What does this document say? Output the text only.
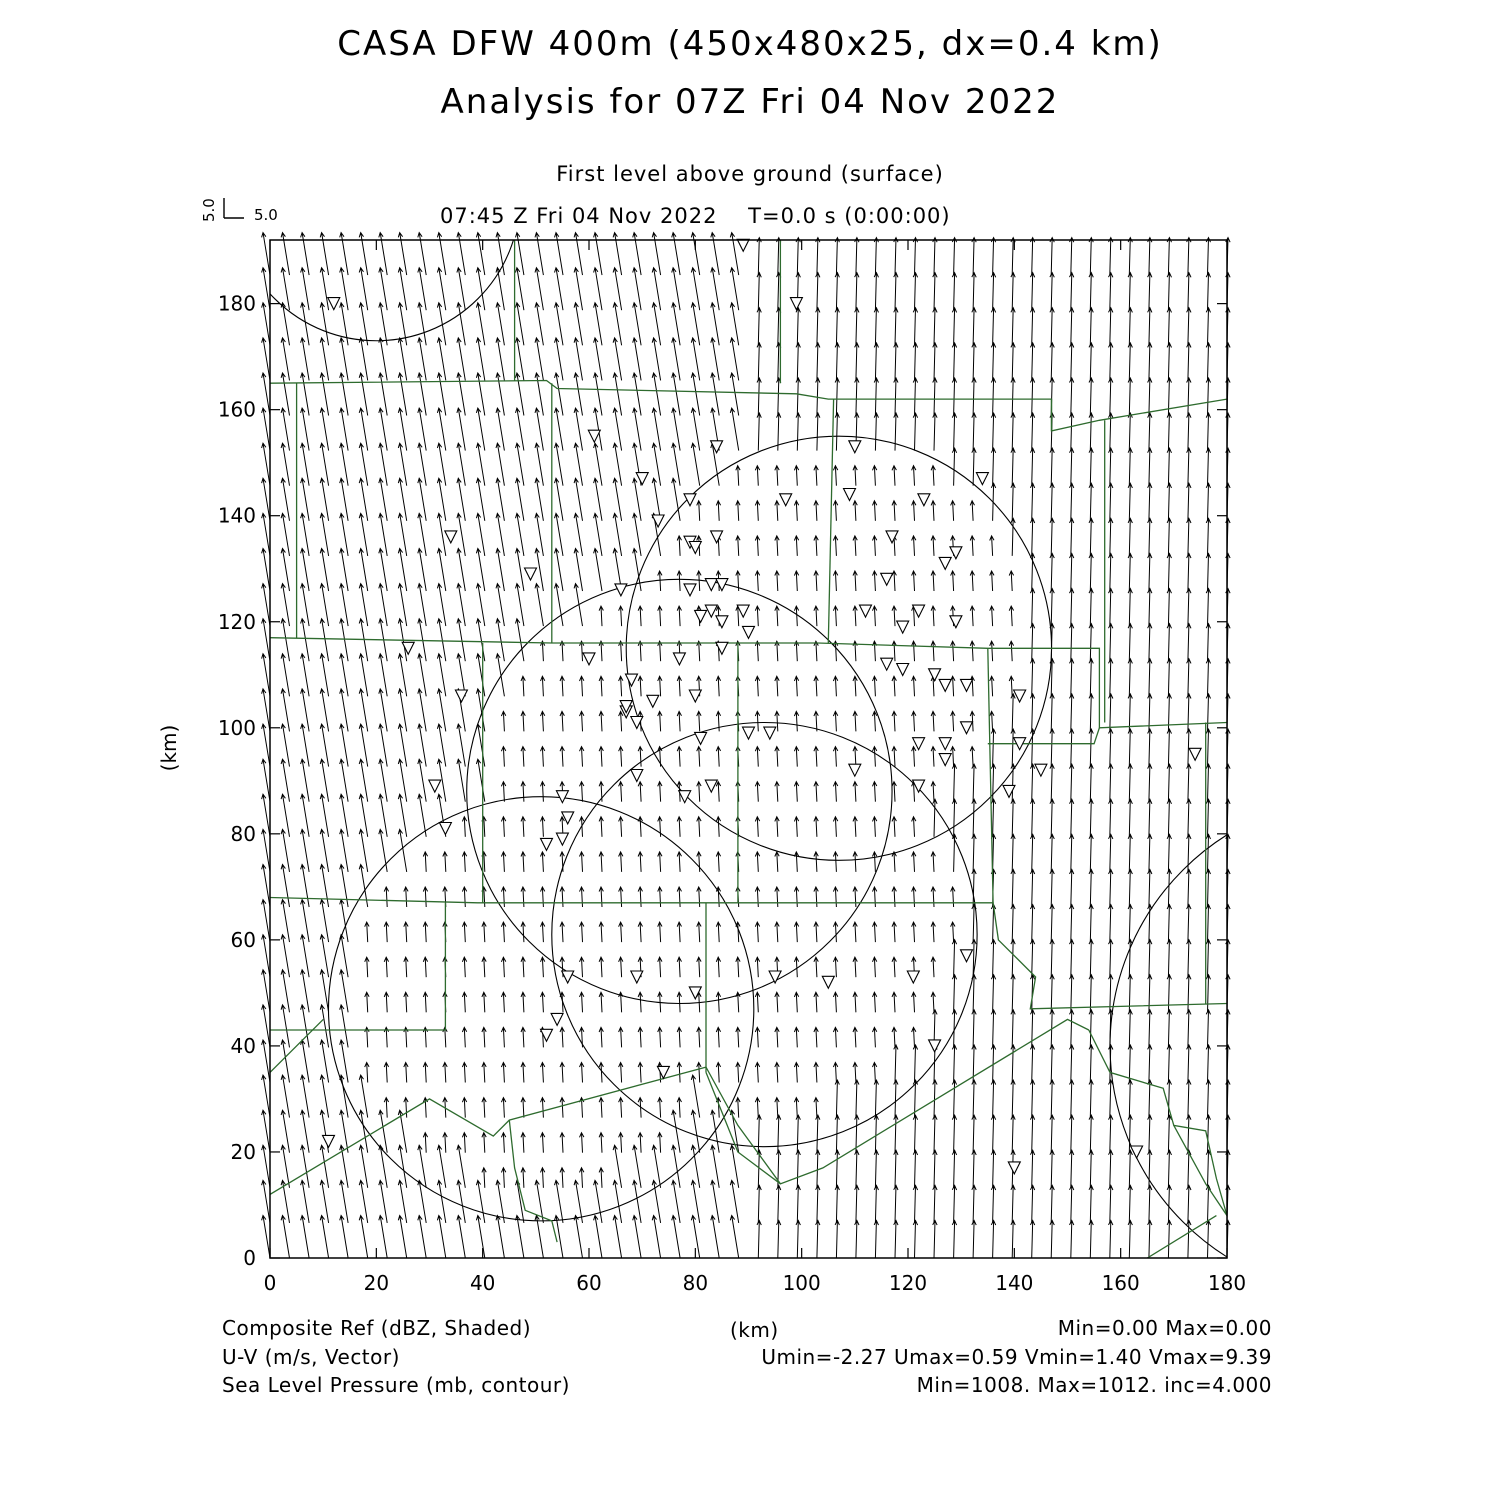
CASA DFW 400m (450x480x25, dx=0.4 km)
Analysis for 07Z Fri 04 Nov 2022
First level above ground (surface)
07:45 Z Fri 04 Nov 2022    T=0.0 s (0:00:00)
0	20	40	60	80	100	120	140	160	180
0
20
40
60
80
100
120
140
160
180
5.0
5.0
(km)
Composite Ref (dBZ, Shaded)	(km)	Min=0.00 Max=0.00
U-V (m/s, Vector)	Umin=-2.27 Umax=0.59 Vmin=1.40 Vmax=9.39
Sea Level Pressure (mb, contour)	Min=1008. Max=1012. inc=4.000
